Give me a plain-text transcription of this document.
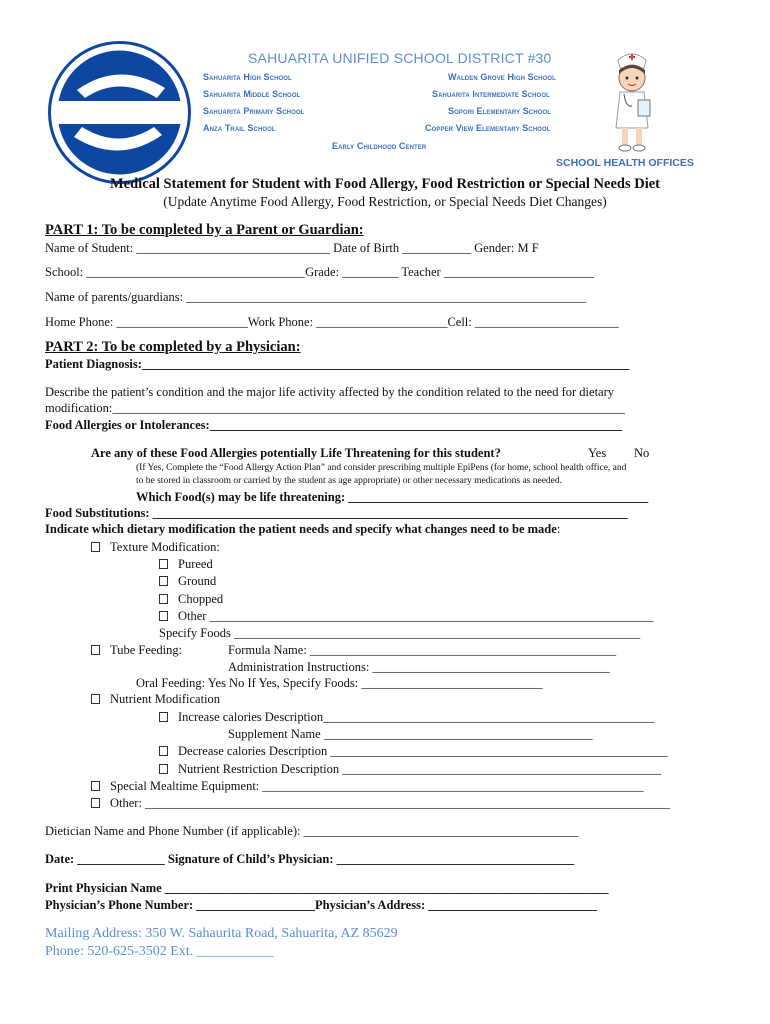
SAHUARITA UNIFIED SCHOOL DISTRICT #30
Sahuarita High School
Sahuarita Middle School
Sahuarita Primary School
Anza Trail School
Walden Grove High School
Sahuarita Intermediate School
Sopori Elementary School
Copper View Elementary School
Early Childhood Center
SCHOOL HEALTH OFFICES
Medical Statement for Student with Food Allergy, Food Restriction or Special Needs Diet
(Update Anytime Food Allergy, Food Restriction, or Special Needs Diet Changes)
PART 1: To be completed by a Parent or Guardian:
Name of Student: _______________________________ Date of Birth ___________ Gender: M F
School: ___________________________________Grade: _________ Teacher ________________________
Name of parents/guardians: ________________________________________________________________
Home Phone: _____________________Work Phone: _____________________Cell: _______________________
PART 2: To be completed by a Physician:
Patient Diagnosis:______________________________________________________________________________
Describe the patient’s condition and the major life activity affected by the condition related to the need for dietary
modification:__________________________________________________________________________________
Food Allergies or Intolerances:__________________________________________________________________
Are any of these Food Allergies potentially Life Threatening for this student?	Yes No
(If Yes, Complete the “Food Allergy Action Plan” and consider prescribing multiple EpiPens (for home, school health office, and
to be stored in classroom or carried by the student as age appropriate) or other necessary medications as needed.
Which Food(s) may be life threatening: ________________________________________________
Food Substitutions: ____________________________________________________________________________
Indicate which dietary modification the patient needs and specify what changes need to be made:
Texture Modification:
Pureed
Ground
Chopped
Other _______________________________________________________________________
Specify Foods _________________________________________________________________
Tube Feeding:	Formula Name: _________________________________________________
Administration Instructions: ______________________________________
Oral Feeding: Yes No If Yes, Specify Foods: _____________________________
Nutrient Modification
Increase calories Description_____________________________________________________
Supplement Name ___________________________________________
Decrease calories Description ______________________________________________________
Nutrient Restriction Description ___________________________________________________
Special Mealtime Equipment: _____________________________________________________________
Other: ____________________________________________________________________________________
Dietician Name and Phone Number (if applicable): ____________________________________________
Date: ______________ Signature of Child’s Physician: ______________________________________
Print Physician Name _______________________________________________________________________
Physician’s Phone Number: ___________________Physician’s Address: ___________________________
Mailing Address: 350 W. Sahaurita Road, Sahuarita, AZ 85629
Phone: 520-625-3502 Ext. ___________
